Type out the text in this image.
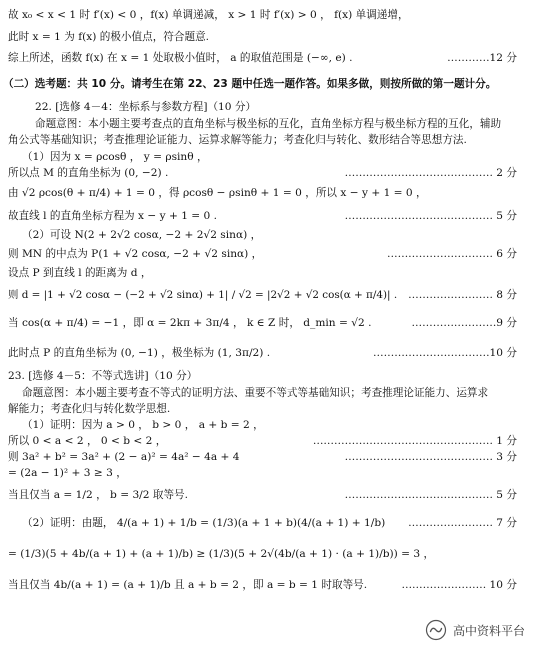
故 x₀ < x < 1 时 f′(x) < 0 ，f(x) 单调递减， x > 1 时 f′(x) > 0 ， f(x) 单调递增，
此时 x = 1 为 f(x) 的极小值点，符合题意.
综上所述，函数 f(x) 在 x = 1 处取极小值时， a 的取值范围是 (−∞, e) .	…………12 分
（二）选考题：共 10 分。请考生在第 22、23 题中任选一题作答。如果多做，则按所做的第一题计分。
22. [选修 4－4：坐标系与参数方程]（10 分）
命题意图：本小题主要考查点的直角坐标与极坐标的互化，直角坐标方程与极坐标方程的互化，辅助
角公式等基础知识；考查推理论证能力、运算求解等能力；考查化归与转化、数形结合等思想方法.
（1）因为 x = ρcosθ ， y = ρsinθ ，
所以点 M 的直角坐标为 (0, −2) .	…………………………………… 2 分
由 √2 ρcos(θ + π/4) + 1 = 0 ，得 ρcosθ − ρsinθ + 1 = 0 ，所以 x − y + 1 = 0 ，
故直线 l 的直角坐标方程为 x − y + 1 = 0 .	…………………………………… 5 分
（2）可设 N(2 + 2√2 cosα, −2 + 2√2 sinα) ，
则 MN 的中点为 P(1 + √2 cosα, −2 + √2 sinα) ，	………………………… 6 分
设点 P 到直线 l 的距离为 d ，
则 d = |1 + √2 cosα − (−2 + √2 sinα) + 1| / √2 = |2√2 + √2 cos(α + π/4)| . …………………… 8 分
当 cos(α + π/4) = −1 ，即 α = 2kπ + 3π/4 ， k ∈ Z 时， d_min = √2 .	……………………9 分
此时点 P 的直角坐标为 (0, −1) ，极坐标为 (1, 3π/2) .	……………………………10 分
23. [选修 4－5：不等式选讲]（10 分）
命题意图：本小题主要考查不等式的证明方法、重要不等式等基础知识；考查推理论证能力、运算求
解能力；考查化归与转化数学思想.
（1）证明：因为 a > 0 ， b > 0 ， a + b = 2 ，
所以 0 < a < 2 ， 0 < b < 2 ，	…………………………………………… 1 分
则 3a² + b² = 3a² + (2 − a)² = 4a² − 4a + 4	…………………………………… 3 分
= (2a − 1)² + 3 ≥ 3 ，
当且仅当 a = 1/2 ， b = 3/2 取等号.	…………………………………… 5 分
（2）证明：由题， 4/(a + 1) + 1/b = (1/3)(a + 1 + b)(4/(a + 1) + 1/b) …………………… 7 分
= (1/3)(5 + 4b/(a + 1) + (a + 1)/b) ≥ (1/3)(5 + 2√(4b/(a + 1) · (a + 1)/b)) = 3 ，
当且仅当 4b/(a + 1) = (a + 1)/b 且 a + b = 2 ，即 a = b = 1 时取等号.	…………………… 10 分
高中资料平台
